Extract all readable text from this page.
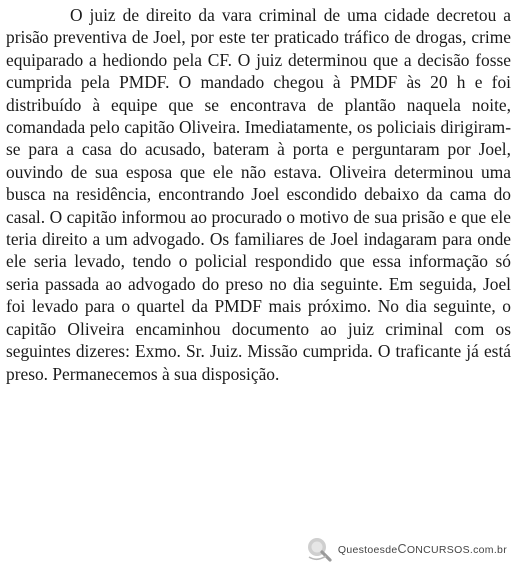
O juiz de direito da vara criminal de uma cidade decretou a prisão preventiva de Joel, por este ter praticado tráfico de drogas, crime equiparado a hediondo pela CF. O juiz determinou que a decisão fosse cumprida pela PMDF. O mandado chegou à PMDF às 20 h e foi distribuído à equipe que se encontrava de plantão naquela noite, comandada pelo capitão Oliveira. Imediatamente, os policiais dirigiram-se para a casa do acusado, bateram à porta e perguntaram por Joel, ouvindo de sua esposa que ele não estava. Oliveira determinou uma busca na residência, encontrando Joel escondido debaixo da cama do casal. O capitão informou ao procurado o motivo de sua prisão e que ele teria direito a um advogado. Os familiares de Joel indagaram para onde ele seria levado, tendo o policial respondido que essa informação só seria passada ao advogado do preso no dia seguinte. Em seguida, Joel foi levado para o quartel da PMDF mais próximo. No dia seguinte, o capitão Oliveira encaminhou documento ao juiz criminal com os seguintes dizeres: Exmo. Sr. Juiz. Missão cumprida. O traficante já está preso. Permanecemos à sua disposição.

QuestoesdeCONCURSOS.com.br
